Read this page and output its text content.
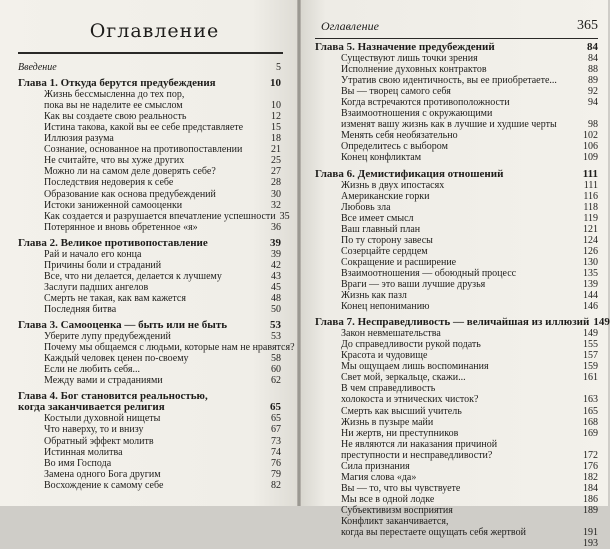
Оглавление
Введение	5
Глава 1. Откуда берутся предубеждения	10
Жизнь бессмысленна до тех пор,
пока вы не наделите ее смыслом	10
Как вы создаете свою реальность	12
Истина такова, какой вы ее себе представляете	15
Иллюзия разума	18
Сознание, основанное на противопоставлении	21
Не считайте, что вы хуже других	25
Можно ли на самом деле доверять себе?	27
Последствия недоверия к себе	28
Образование как основа предубеждений	30
Истоки заниженной самооценки	32
Как создается и разрушается впечатление успешности 35
Потерянное и вновь обретенное «я»	36
Глава 2. Великое противопоставление	39
Рай и начало его конца	39
Причины боли и страданий	42
Все, что ни делается, делается к лучшему	43
Заслуги падших ангелов	45
Смерть не такая, как вам кажется	48
Последняя битва	50
Глава 3. Самооценка — быть или не быть	53
Уберите лупу предубеждений	53
Почему мы общаемся с людьми, которые нам не нравятся?
Каждый человек ценен по-своему	58
Если не любить себя...	60
Между вами и страданиями	62
Глава 4. Бог становится реальностью,
когда заканчивается религия	65
Костыли духовной нищеты	65
Что наверху, то и внизу	67
Обратный эффект молитв	73
Истинная молитва	74
Во имя Господа	76
Замена одного Бога другим	79
Восхождение к самому себе	82
Оглавление	365
Глава 5. Назначение предубеждений	84
Существуют лишь точки зрения	84
Исполнение духовных контрактов	88
Утратив свою идентичность, вы ее приобретаете...	89
Вы — творец самого себя	92
Когда встречаются противоположности	94
Взаимоотношения с окружающими
изменят вашу жизнь как в лучшие и худшие черты	98
Менять себя необязательно	102
Определитесь с выбором	106
Конец конфликтам	109
Глава 6. Демистификация отношений	111
Жизнь в двух ипостасях	111
Американские горки	116
Любовь зла	118
Все имеет смысл	119
Ваш главный план	121
По ту сторону завесы	124
Созерцайте сердцем	126
Сокращение и расширение	130
Взаимоотношения — обоюдный процесс	135
Враги — это ваши лучшие друзья	139
Жизнь как пазл	144
Конец непониманию	146
Глава 7. Несправедливость — величайшая из иллюзий 149
Закон невмешательства	149
До справедливости рукой подать	155
Красота и чудовище	157
Мы ощущаем лишь воспоминания	159
Свет мой, зеркальце, скажи...	161
В чем справедливость
холокоста и этнических чисток?	163
Смерть как высший учитель	165
Жизнь в пузыре майи	168
Ни жертв, ни преступников	169
Не являются ли наказания причиной
преступности и несправедливости?	172
Сила признания	176
Магия слова «да»	182
Вы — то, что вы чувствуете	184
Мы все в одной лодке	186
Субъективизм восприятия	189
Конфликт заканчивается,
когда вы перестаете ощущать себя жертвой	191
193
